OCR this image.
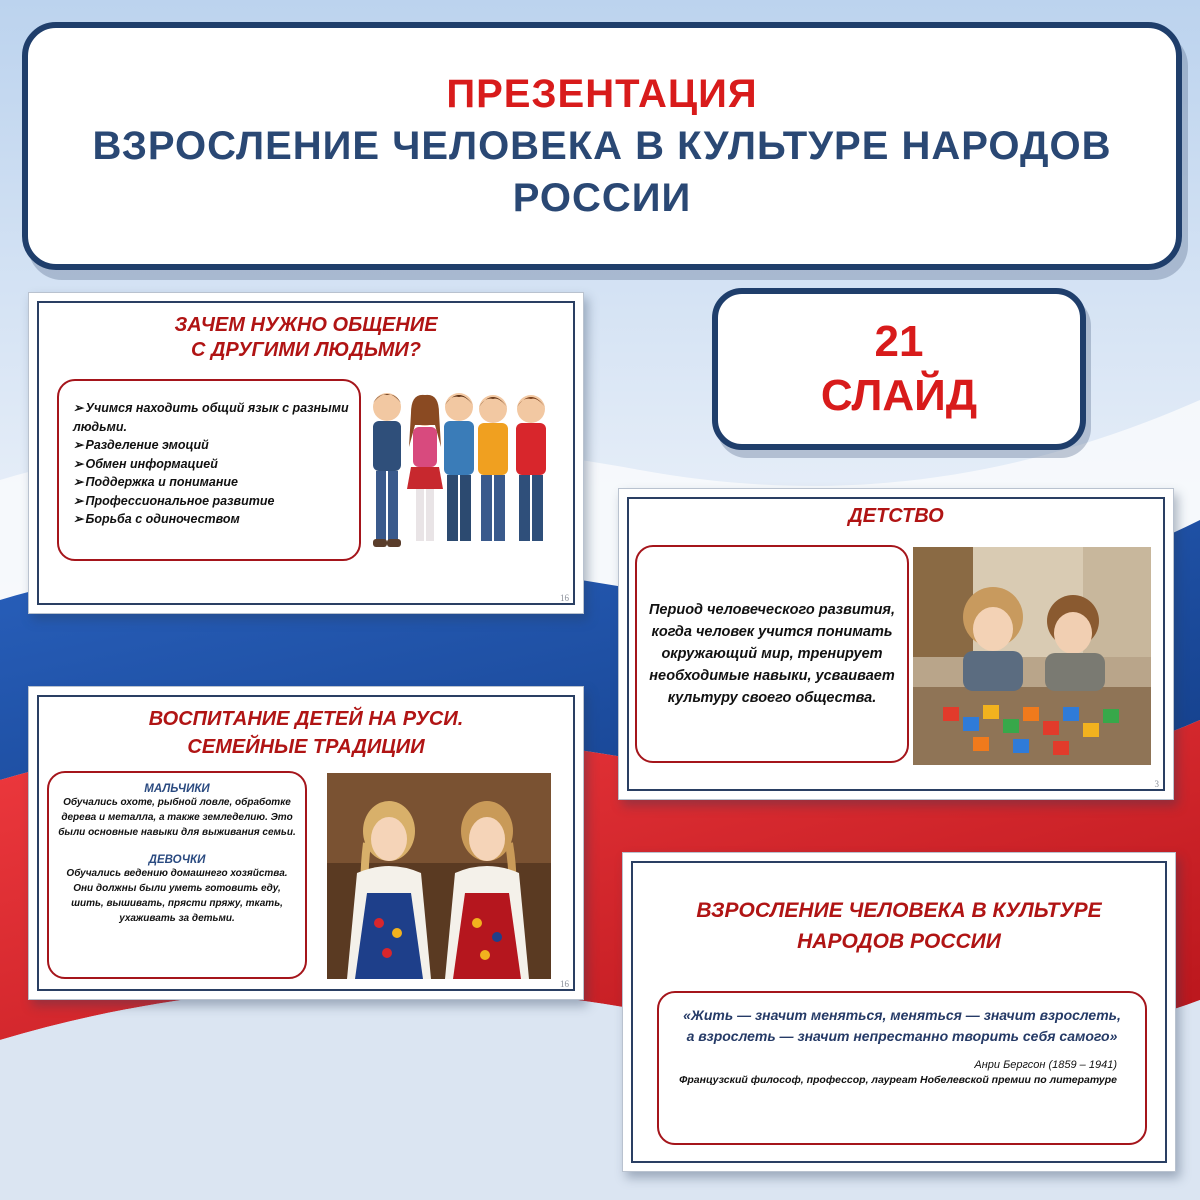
ПРЕЗЕНТАЦИЯ
ВЗРОСЛЕНИЕ ЧЕЛОВЕКА В КУЛЬТУРЕ НАРОДОВ
РОССИИ
21
СЛАЙД
ЗАЧЕМ НУЖНО ОБЩЕНИЕ
С ДРУГИМИ ЛЮДЬМИ?
➢ Учимся находить общий язык с разными людьми.
➢ Разделение эмоций
➢ Обмен информацией
➢ Поддержка и понимание
➢ Профессиональное развитие
➢ Борьба с одиночеством
16
ДЕТСТВО

Период человеческого развития, когда человек учится понимать окружающий мир, тренирует необходимые навыки, усваивает культуру своего общества.

3
ВОСПИТАНИЕ ДЕТЕЙ НА РУСИ.
СЕМЕЙНЫЕ ТРАДИЦИИ
МАЛЬЧИКИ
Обучались охоте, рыбной ловле, обработке дерева и металла, а также земледелию. Это были основные навыки для выживания семьи.
ДЕВОЧКИ
Обучались ведению домашнего хозяйства. Они должны были уметь готовить еду, шить, вышивать, прясти пряжу, ткать, ухаживать за детьми.
16
ВЗРОСЛЕНИЕ ЧЕЛОВЕКА В КУЛЬТУРЕ
НАРОДОВ РОССИИ
«Жить — значит меняться, меняться — значит взрослеть, а взрослеть — значит непрестанно творить себя самого»
Анри Бергсон (1859 – 1941)
Французский философ, профессор, лауреат Нобелевской премии по литературе
